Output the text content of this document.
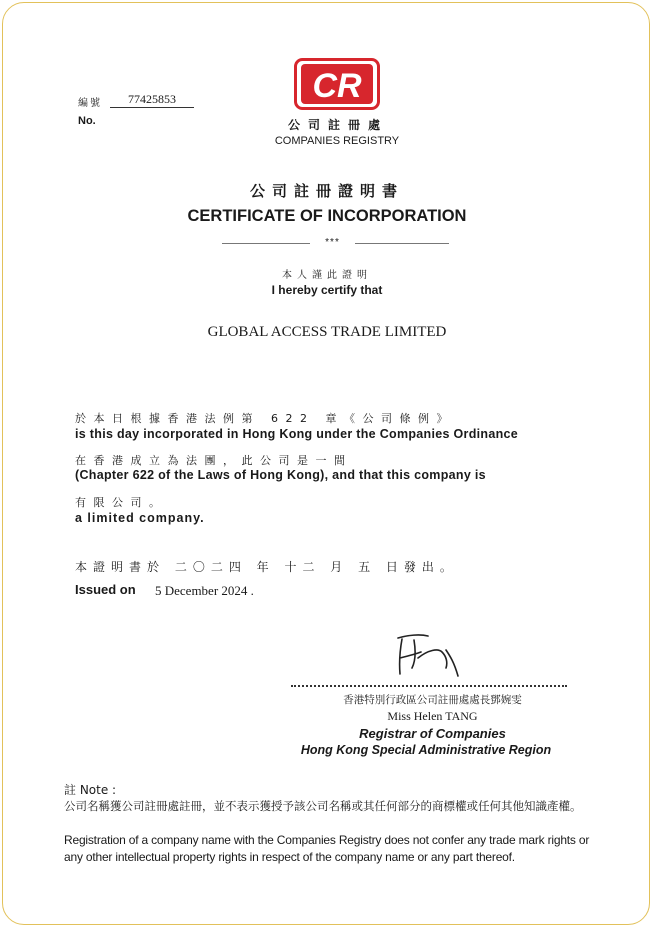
編號	77425853
No.
CR
公司註冊處
COMPANIES REGISTRY
公司註冊證明書
CERTIFICATE OF INCORPORATION
***
本人謹此證明
I hereby certify that
GLOBAL ACCESS TRADE LIMITED
於本日根據香港法例第 622 章《公司條例》
is this day incorporated in Hong Kong under the Companies Ordinance
在香港成立為法團，此公司是一間
(Chapter 622 of the Laws of Hong Kong), and that this company is
有限公司。
a limited company.
本證明書於 二〇二四 年 十二 月 五 日發出。
Issued on 5 December 2024 .
香港特別行政區公司註冊處處長鄧婉雯
Miss Helen TANG
Registrar of Companies
Hong Kong Special Administrative Region
註 Note :
公司名稱獲公司註冊處註冊，並不表示獲授予該公司名稱或其任何部分的商標權或任何其他知識產權。
Registration of a company name with the Companies Registry does not confer any trade mark rights or any other intellectual property rights in respect of the company name or any part thereof.
